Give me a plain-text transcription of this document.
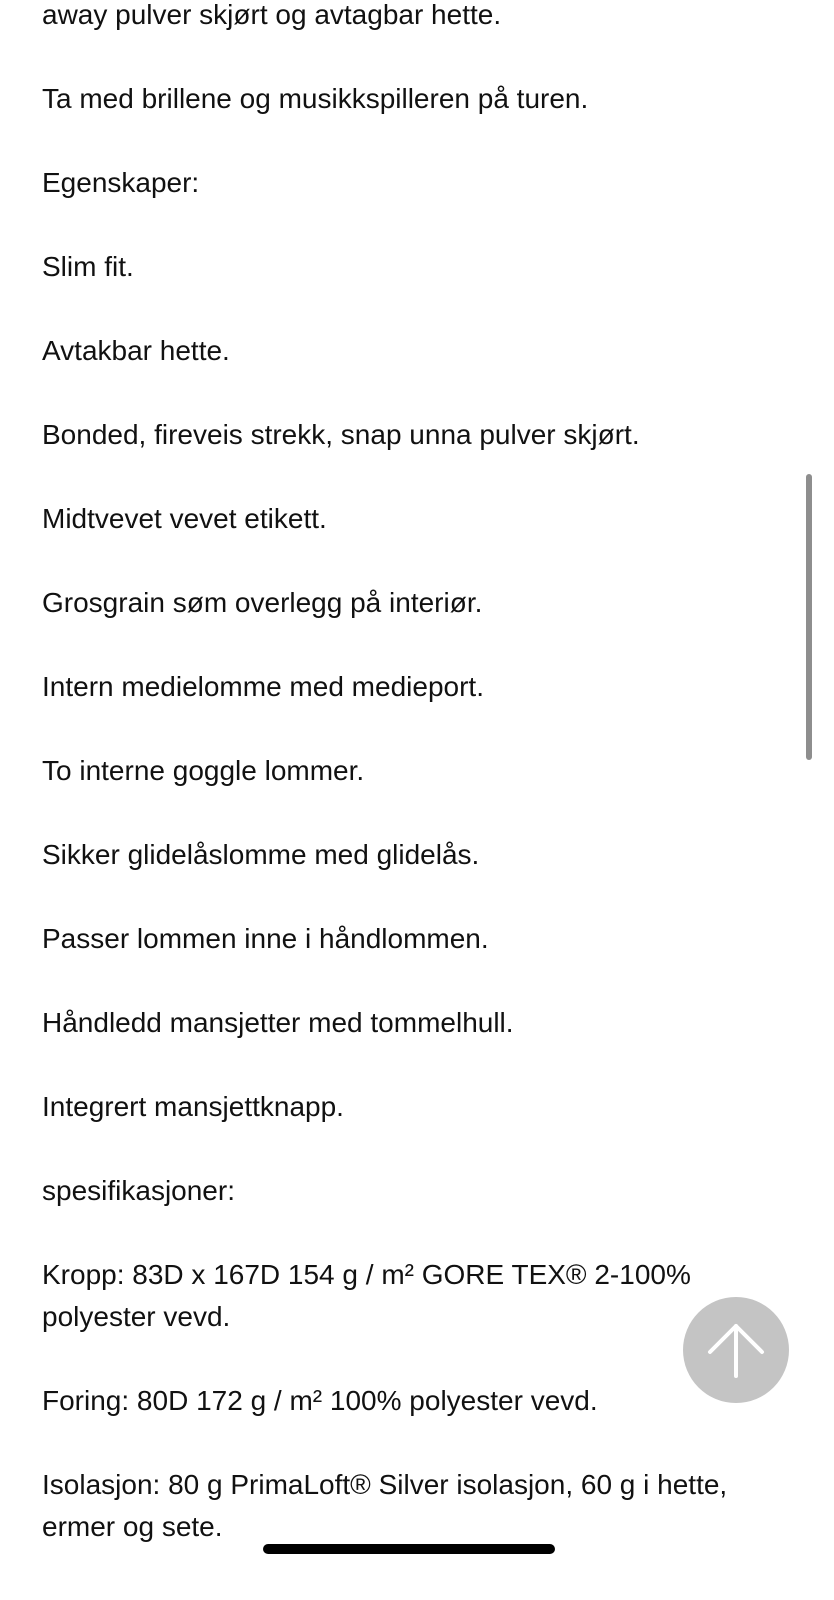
away pulver skjørt og avtagbar hette.

Ta med brillene og musikkspilleren på turen.

Egenskaper:

Slim fit.

Avtakbar hette.

Bonded, fireveis strekk, snap unna pulver skjørt.

Midtvevet vevet etikett.

Grosgrain søm overlegg på interiør.

Intern medielomme med medieport.

To interne goggle lommer.

Sikker glidelåslomme med glidelås.

Passer lommen inne i håndlommen.

Håndledd mansjetter med tommelhull.

Integrert mansjettknapp.

spesifikasjoner:

Kropp: 83D x 167D 154 g / m² GORE TEX® 2-100% polyester vevd.

Foring: 80D 172 g / m² 100% polyester vevd.

Isolasjon: 80 g PrimaLoft® Silver isolasjon, 60 g i hette, ermer og sete.
